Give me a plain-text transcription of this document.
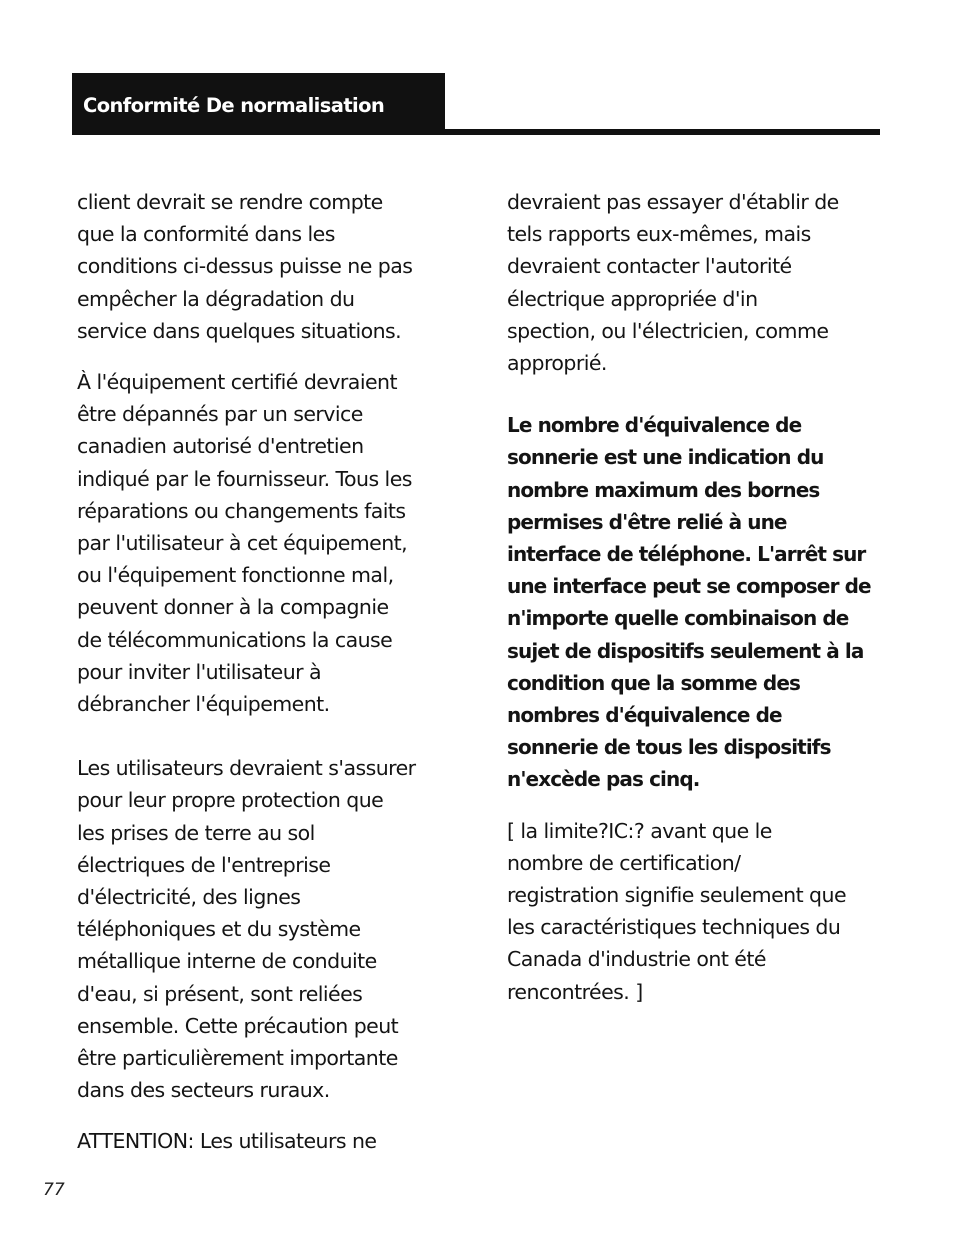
Conformité De normalisation

client devrait se rendre compte
que la conformité dans les
conditions ci-dessus puisse ne pas
empêcher la dégradation du
service dans quelques situations.

À l'équipement certifié devraient
être dépannés par un service
canadien autorisé d'entretien
indiqué par le fournisseur. Tous les
réparations ou changements faits
par l'utilisateur à cet équipement,
ou l'équipement fonctionne mal,
peuvent donner à la compagnie
de télécommunications la cause
pour inviter l'utilisateur à
débrancher l'équipement.

Les utilisateurs devraient s'assurer
pour leur propre protection que
les prises de terre au sol
électriques de l'entreprise
d'électricité, des lignes
téléphoniques et du système
métallique interne de conduite
d'eau, si présent, sont reliées
ensemble. Cette précaution peut
être particulièrement importante
dans des secteurs ruraux.

ATTENTION: Les utilisateurs ne

devraient pas essayer d'établir de
tels rapports eux-mêmes, mais
devraient contacter l'autorité
électrique appropriée d'in
spection, ou l'électricien, comme
approprié.

Le nombre d'équivalence de
sonnerie est une indication du
nombre maximum des bornes
permises d'être relié à une
interface de téléphone. L'arrêt sur
une interface peut se composer de
n'importe quelle combinaison de
sujet de dispositifs seulement à la
condition que la somme des
nombres d'équivalence de
sonnerie de tous les dispositifs
n'excède pas cinq.

[ la limite?IC:? avant que le
nombre de certification/
registration signifie seulement que
les caractéristiques techniques du
Canada d'industrie ont été
rencontrées. ]

77
